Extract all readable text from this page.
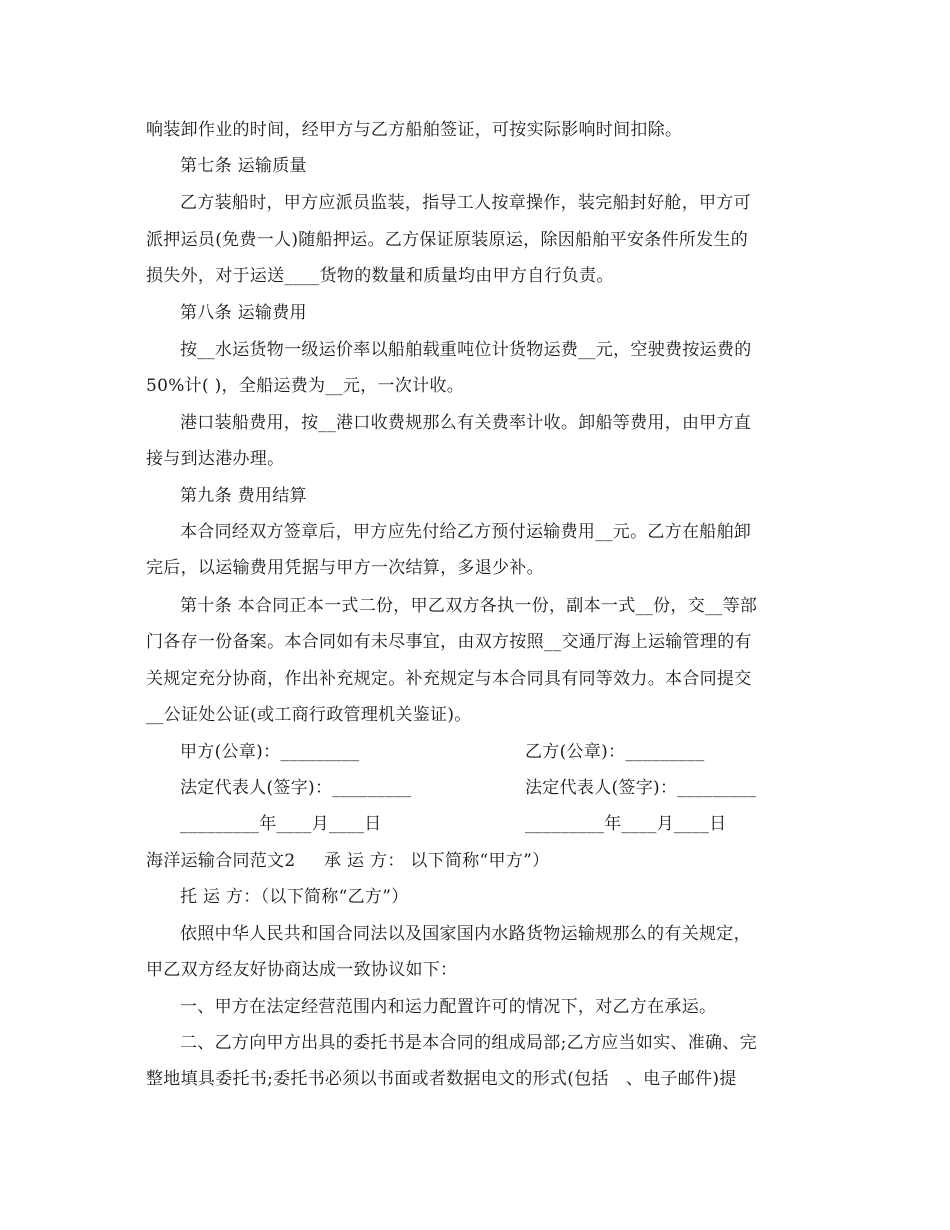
响装卸作业的时间，经甲方与乙方船舶签证，可按实际影响时间扣除。
第七条 运输质量
乙方装船时，甲方应派员监装，指导工人按章操作，装完船封好舱，甲方可
派押运员(免费一人)随船押运。乙方保证原装原运，除因船舶平安条件所发生的
损失外，对于运送____货物的数量和质量均由甲方自行负责。
第八条 运输费用
按__水运货物一级运价率以船舶载重吨位计货物运费__元，空驶费按运费的
50%计( )，全船运费为__元，一次计收。
港口装船费用，按__港口收费规那么有关费率计收。卸船等费用，由甲方直
接与到达港办理。
第九条 费用结算
本合同经双方签章后，甲方应先付给乙方预付运输费用__元。乙方在船舶卸
完后，以运输费用凭据与甲方一次结算，多退少补。
第十条 本合同正本一式二份，甲乙双方各执一份，副本一式__份，交__等部
门各存一份备案。本合同如有未尽事宜，由双方按照__交通厅海上运输管理的有
关规定充分协商，作出补充规定。补充规定与本合同具有同等效力。本合同提交
__公证处公证(或工商行政管理机关鉴证)。
甲方(公章)：_________	乙方(公章)：_________
法定代表人(签字)：_________	法定代表人(签字)：_________
_________年____月____日	_________年____月____日
海洋运输合同范文2     承 运 方： 以下简称“甲方”）
托 运 方：（以下简称“乙方”）
依照中华人民共和国合同法以及国家国内水路货物运输规那么的有关规定，
甲乙双方经友好协商达成一致协议如下：
一、甲方在法定经营范围内和运力配置许可的情况下，对乙方在承运。
二、乙方向甲方出具的委托书是本合同的组成局部;乙方应当如实、准确、完
整地填具委托书;委托书必须以书面或者数据电文的形式(包括   、电子邮件)提
